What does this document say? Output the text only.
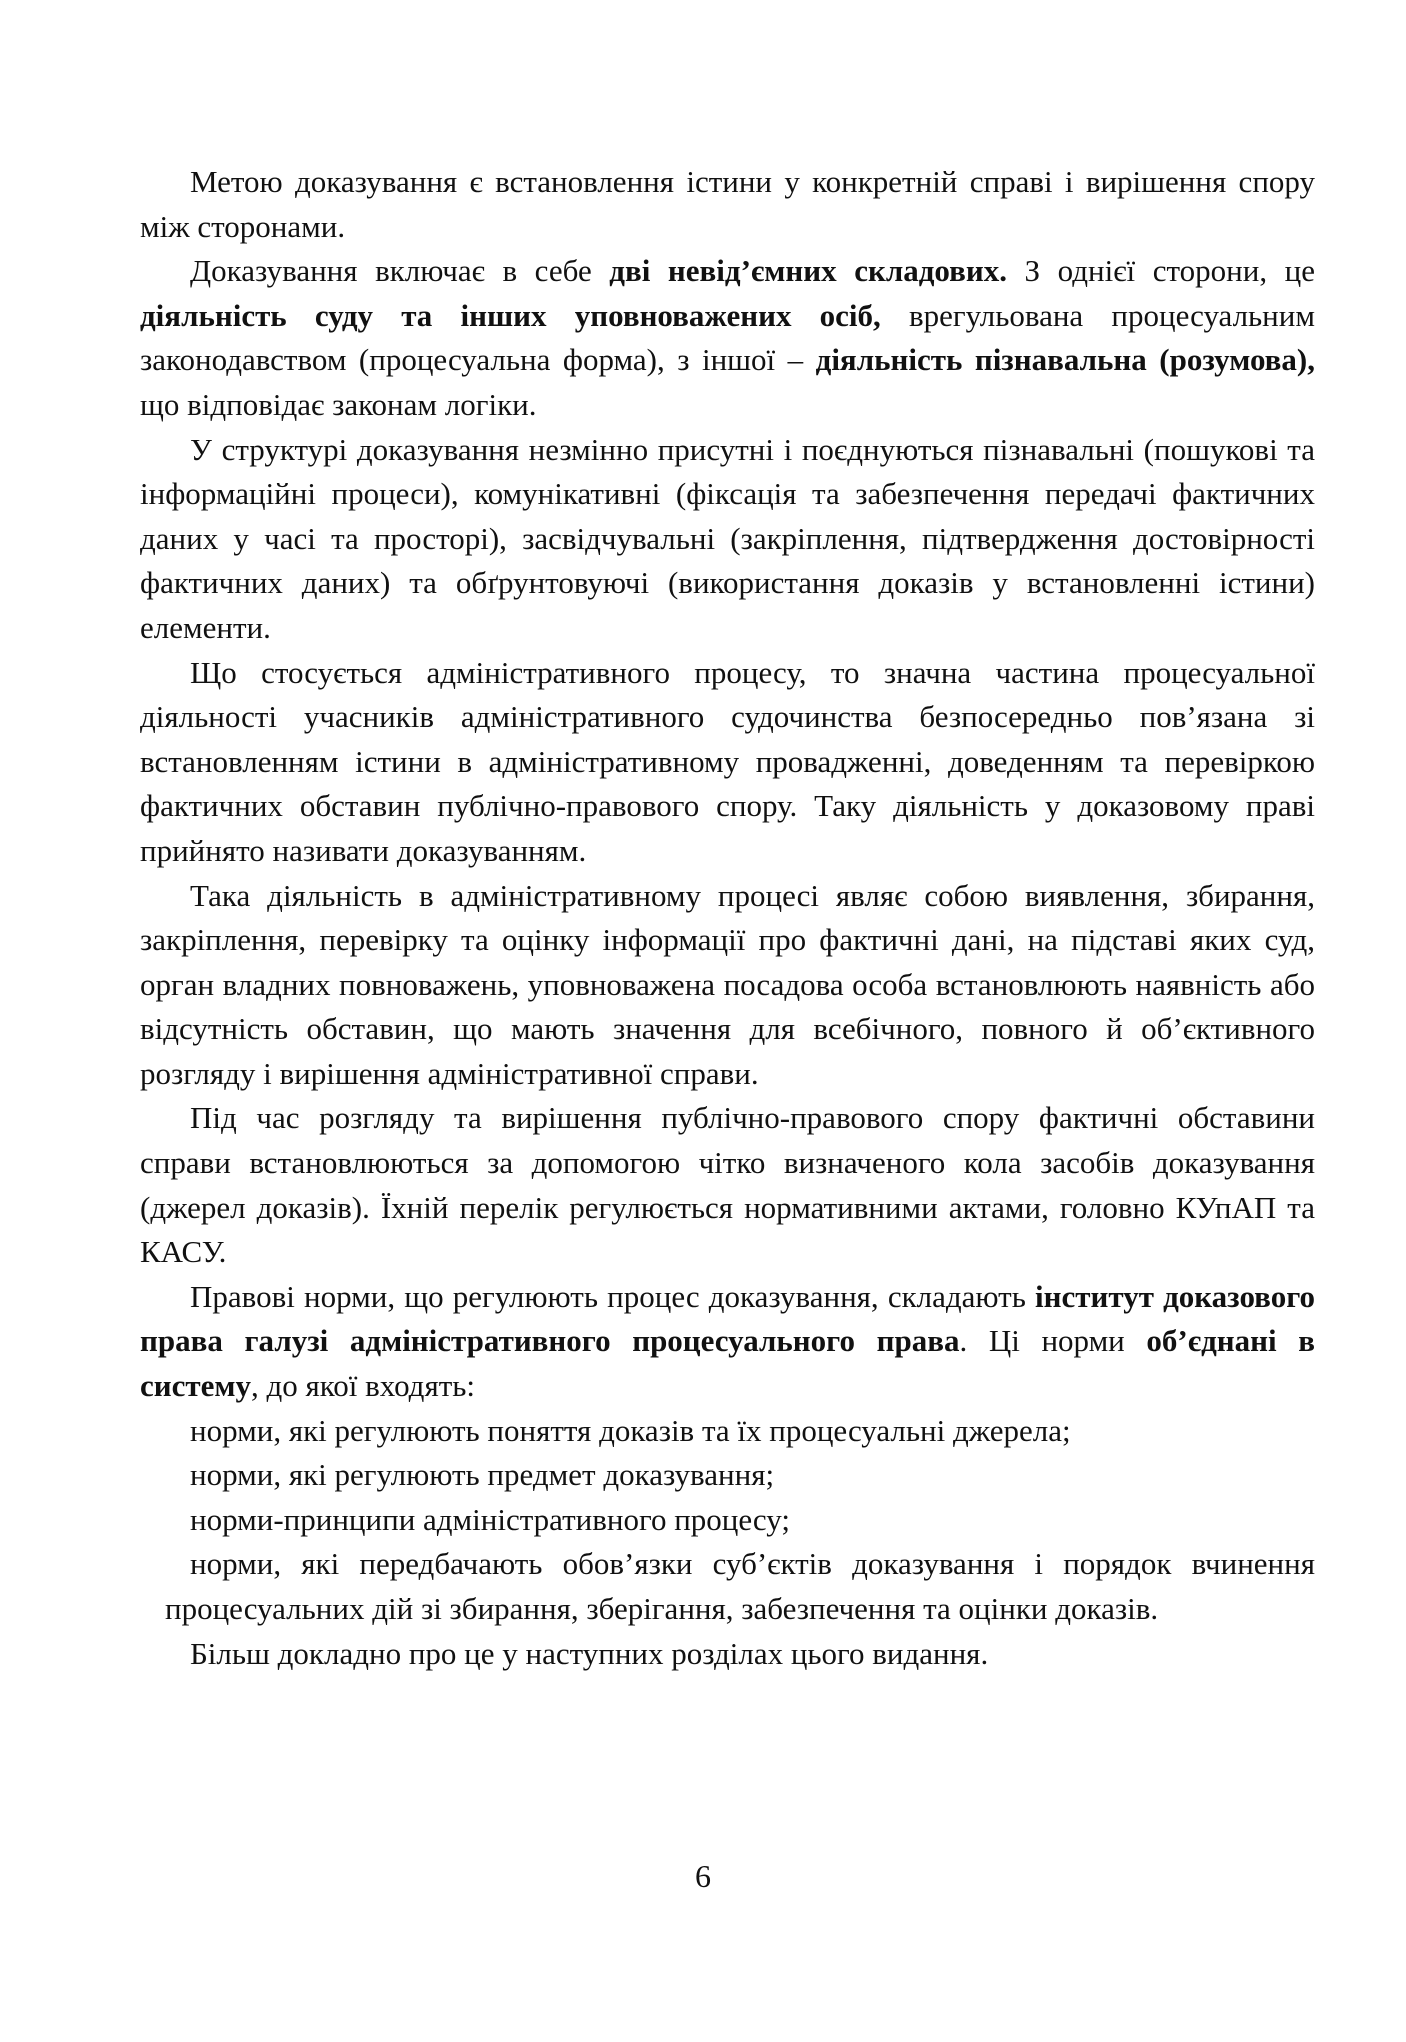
Метою доказування є встановлення істини у конкретній справі і вирішення спору між сторонами.

Доказування включає в себе дві невід’ємних складових. З однієї сторони, це діяльність суду та інших уповноважених осіб, врегульована процесуальним законодавством (процесуальна форма), з іншої – діяльність пізнавальна (розумова), що відповідає законам логіки.

У структурі доказування незмінно присутні і поєднуються пізнавальні (пошукові та інформаційні процеси), комунікативні (фіксація та забезпечення передачі фактичних даних у часі та просторі), засвідчувальні (закріплення, підтвердження достовірності фактичних даних) та обґрунтовуючі (використання доказів у встановленні істини) елементи.

Що стосується адміністративного процесу, то значна частина процесуальної діяльності учасників адміністративного судочинства безпосередньо пов’язана зі встановленням істини в адміністративному провадженні, доведенням та перевіркою фактичних обставин публічно-правового спору. Таку діяльність у доказовому праві прийнято називати доказуванням.

Така діяльність в адміністративному процесі являє собою виявлення, збирання, закріплення, перевірку та оцінку інформації про фактичні дані, на підставі яких суд, орган владних повноважень, уповноважена посадова особа встановлюють наявність або відсутність обставин, що мають значення для всебічного, повного й об’єктивного розгляду і вирішення адміністративної справи.

Під час розгляду та вирішення публічно-правового спору фактичні обставини справи встановлюються за допомогою чітко визначеного кола засобів доказування (джерел доказів). Їхній перелік регулюється нормативними актами, головно КУпАП та КАСУ.

Правові норми, що регулюють процес доказування, складають інститут доказового права галузі адміністративного процесуального права. Ці норми об’єднані в систему, до якої входять:

норми, які регулюють поняття доказів та їх процесуальні джерела;

норми, які регулюють предмет доказування;

норми-принципи адміністративного процесу;

норми, які передбачають обов’язки суб’єктів доказування і порядок вчинення процесуальних дій зі збирання, зберігання, забезпечення та оцінки доказів.

Більш докладно про це у наступних розділах цього видання.

6
